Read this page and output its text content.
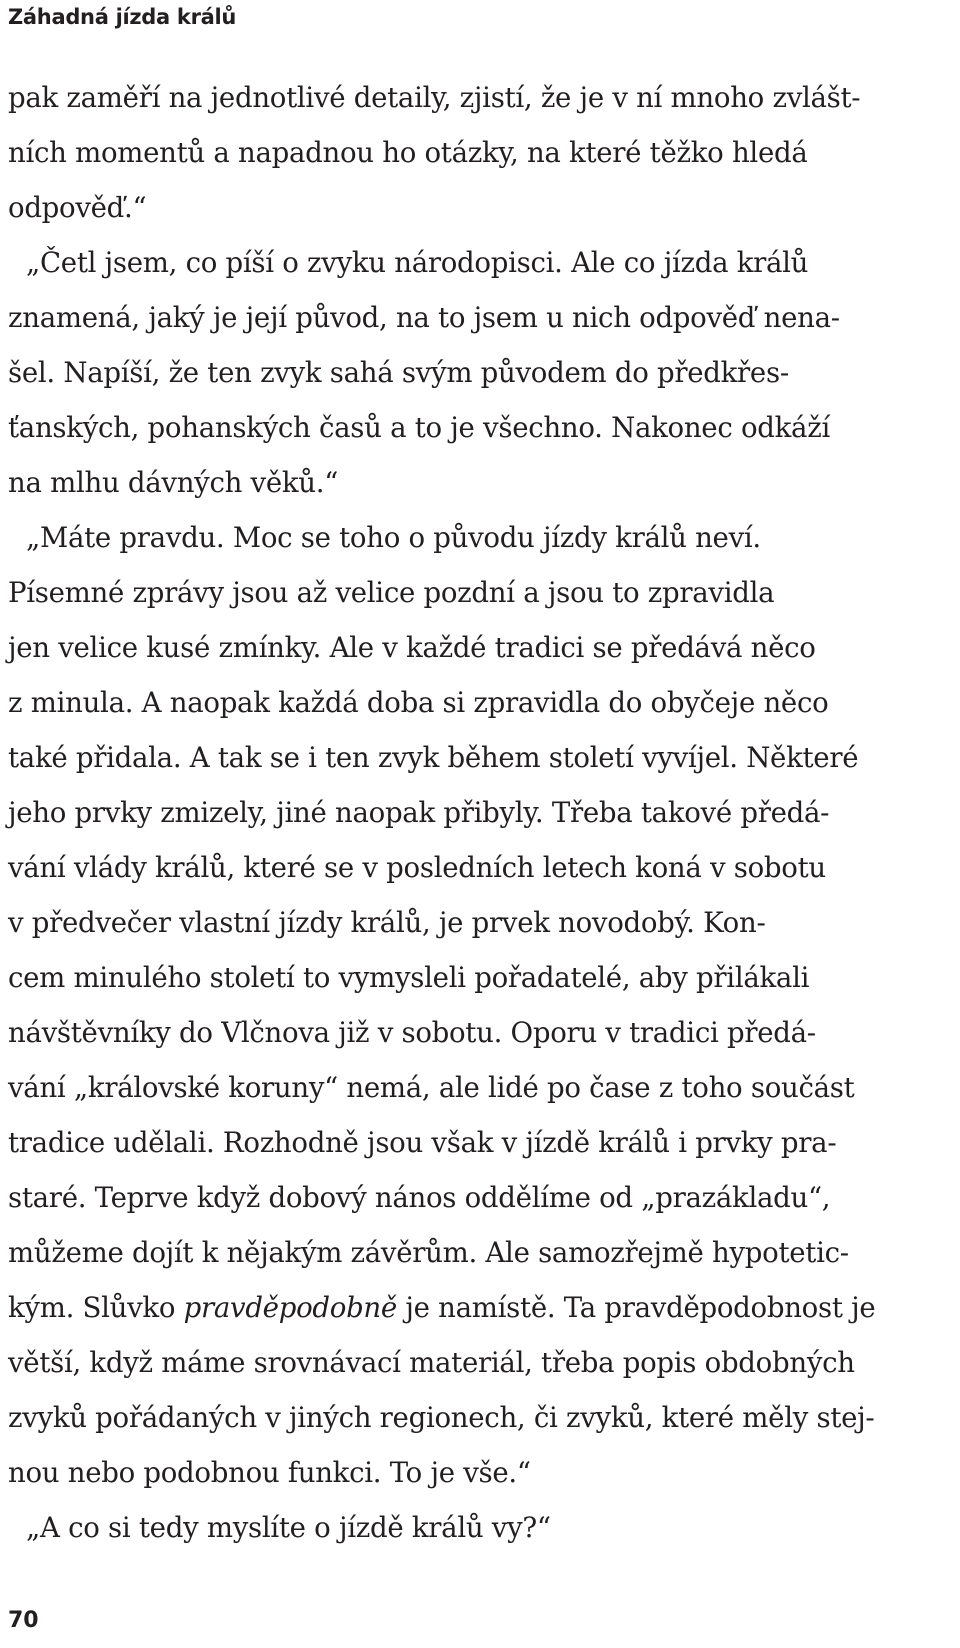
Záhadná jízda králů
pak zaměří na jednotlivé detaily, zjistí, že je v ní mnoho zvlášt-
ních momentů a napadnou ho otázky, na které těžko hledá
odpověď.“
„Četl jsem, co píší o zvyku národopisci. Ale co jízda králů
znamená, jaký je její původ, na to jsem u nich odpověď nena-
šel. Napíší, že ten zvyk sahá svým původem do předkřes-
ťanských, pohanských časů a to je všechno. Nakonec odkáží
na mlhu dávných věků.“
„Máte pravdu. Moc se toho o původu jízdy králů neví.
Písemné zprávy jsou až velice pozdní a jsou to zpravidla
jen velice kusé zmínky. Ale v každé tradici se předává něco
z minula. A naopak každá doba si zpravidla do obyčeje něco
také přidala. A tak se i ten zvyk během století vyvíjel. Některé
jeho prvky zmizely, jiné naopak přibyly. Třeba takové předá-
vání vlády králů, které se v posledních letech koná v sobotu
v předvečer vlastní jízdy králů, je prvek novodobý. Kon-
cem minulého století to vymysleli pořadatelé, aby přilákali
návštěvníky do Vlčnova již v sobotu. Oporu v tradici předá-
vání „královské koruny“ nemá, ale lidé po čase z toho součást
tradice udělali. Rozhodně jsou však v jízdě králů i prvky pra-
staré. Teprve když dobový nános oddělíme od „prazákladu“,
můžeme dojít k nějakým závěrům. Ale samozřejmě hypotetic-
kým. Slůvko pravděpodobně je namístě. Ta pravděpodobnost je
větší, když máme srovnávací materiál, třeba popis obdobných
zvyků pořádaných v jiných regionech, či zvyků, které měly stej-
nou nebo podobnou funkci. To je vše.“
„A co si tedy myslíte o jízdě králů vy?“
70
